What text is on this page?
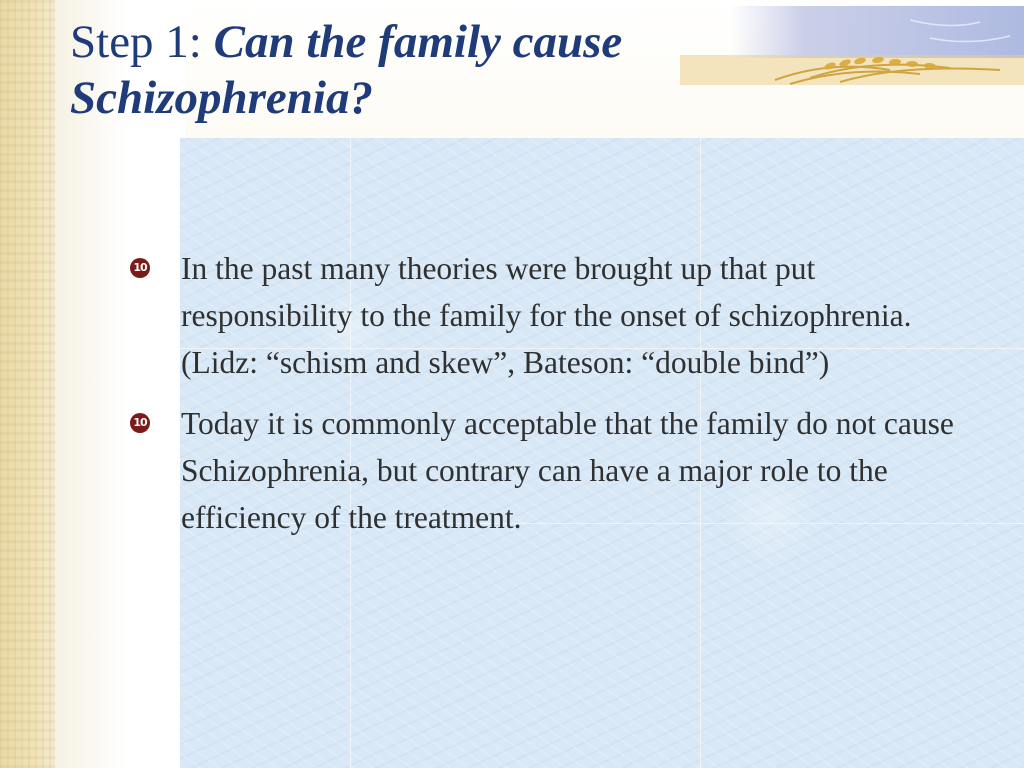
Step 1: Can the family cause Schizophrenia?
10 In the past many theories were brought up that put responsibility to the family for the onset of schizophrenia. (Lidz: “schism and skew”, Bateson: “double bind”)
10 Today it is commonly acceptable that the family do not cause Schizophrenia, but contrary can have a major role to the efficiency of the treatment.
